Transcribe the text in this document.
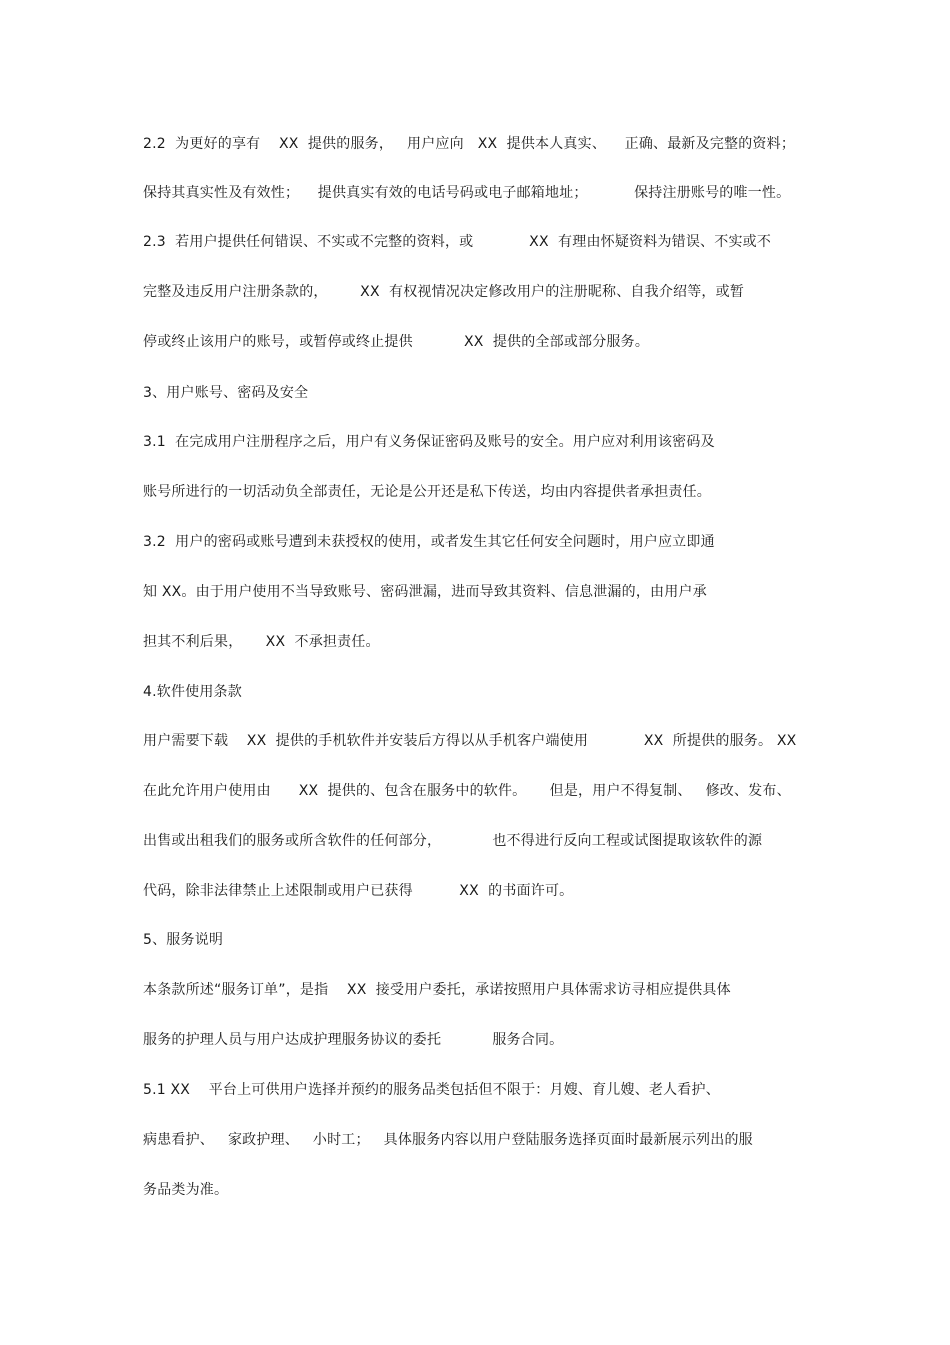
2.2  为更好的享有    XX  提供的服务，   用户应向   XX  提供本人真实、    正确、最新及完整的资料；
保持其真实性及有效性；    提供真实有效的电话号码或电子邮箱地址；          保持注册账号的唯一性。
2.3  若用户提供任何错误、不实或不完整的资料，或            XX  有理由怀疑资料为错误、不实或不
完整及违反用户注册条款的，       XX  有权视情况决定修改用户的注册昵称、自我介绍等，或暂
停或终止该用户的账号，或暂停或终止提供           XX  提供的全部或部分服务。
3、用户账号、密码及安全
3.1  在完成用户注册程序之后，用户有义务保证密码及账号的安全。用户应对利用该密码及
账号所进行的一切活动负全部责任，无论是公开还是私下传送，均由内容提供者承担责任。
3.2  用户的密码或账号遭到未获授权的使用，或者发生其它任何安全问题时，用户应立即通
知 XX。由于用户使用不当导致账号、密码泄漏，进而导致其资料、信息泄漏的，由用户承
担其不利后果，     XX  不承担责任。
4.软件使用条款
用户需要下载    XX  提供的手机软件并安装后方得以从手机客户端使用            XX  所提供的服务。 XX
在此允许用户使用由      XX  提供的、包含在服务中的软件。     但是，用户不得复制、   修改、发布、
出售或出租我们的服务或所含软件的任何部分，           也不得进行反向工程或试图提取该软件的源
代码，除非法律禁止上述限制或用户已获得          XX  的书面许可。
5、服务说明
本条款所述“服务订单”，是指    XX  接受用户委托，承诺按照用户具体需求访寻相应提供具体
服务的护理人员与用户达成护理服务协议的委托           服务合同。
5.1 XX    平台上可供用户选择并预约的服务品类包括但不限于：月嫂、育儿嫂、老人看护、
病患看护、   家政护理、   小时工；   具体服务内容以用户登陆服务选择页面时最新展示列出的服
务品类为准。
